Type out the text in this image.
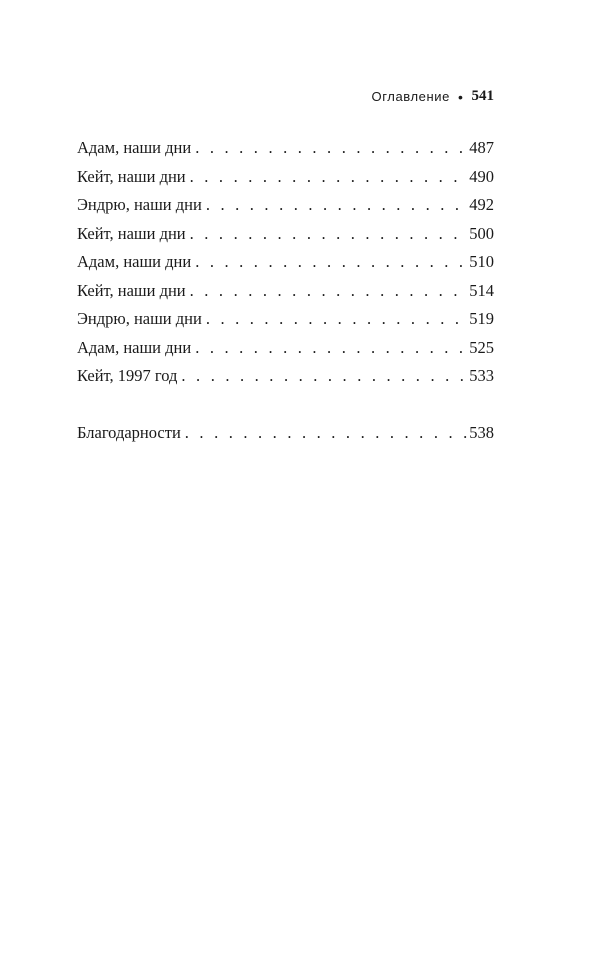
Оглавление • 541
Адам, наши дни . . .	487
Кейт, наши дни . . .	490
Эндрю, наши дни . . .	492
Кейт, наши дни . . .	500
Адам, наши дни . . .	510
Кейт, наши дни . . .	514
Эндрю, наши дни . . .	519
Адам, наши дни . . .	525
Кейт, 1997 год . . .	533
Благодарности . . .	538
